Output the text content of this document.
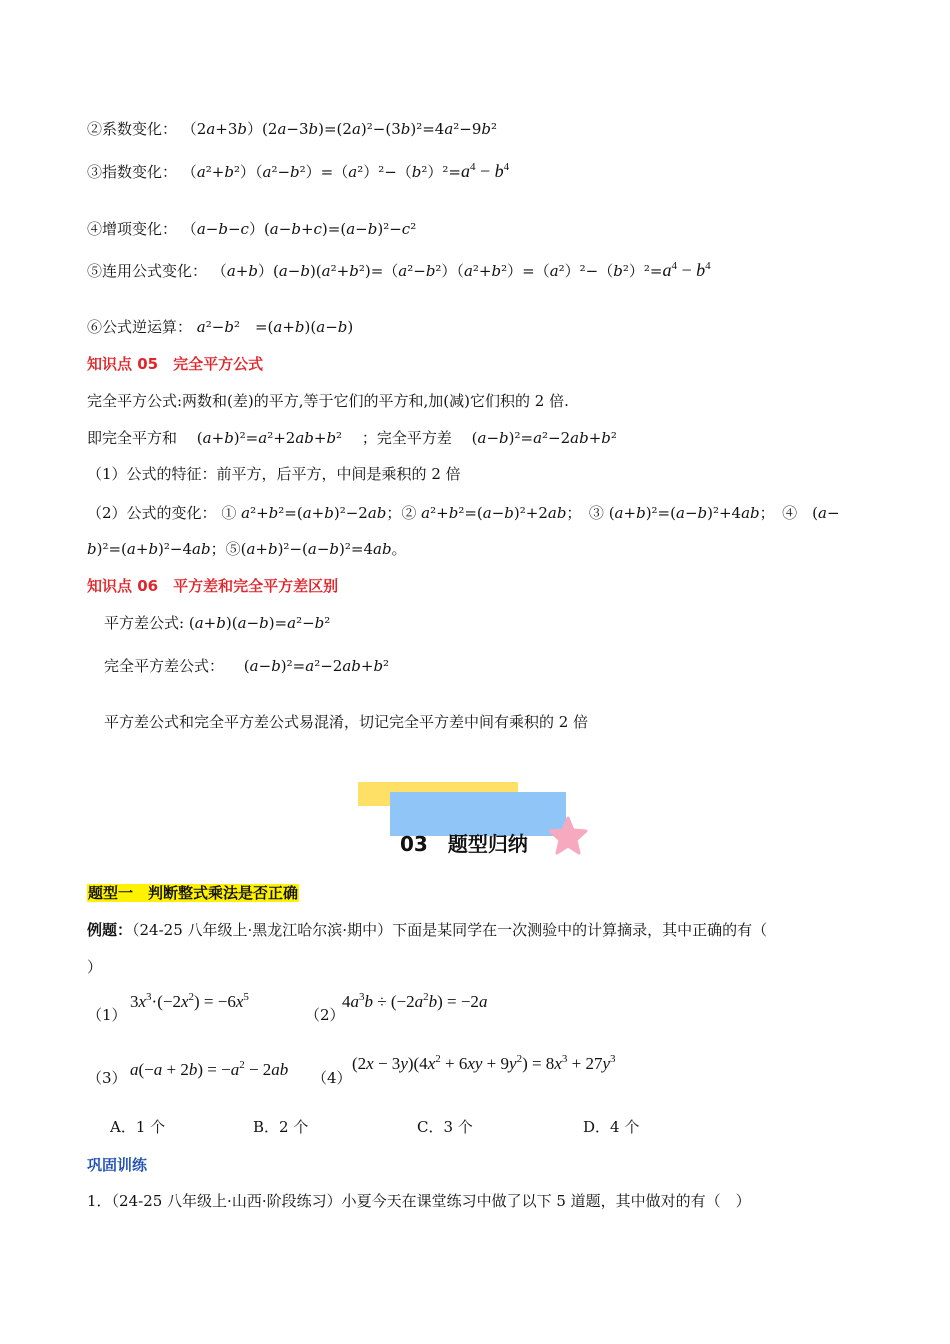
②系数变化： （2a+3b）(2a−3b)=(2a)²−(3b)²=4a²−9b²
③指数变化： $(a^2+b^2)(a^2-b^2)=(a^2)^2-(b^2)^2=a^4 - b^4$
④增项变化： （a−b−c）(a−b+c)=(a−b)²−c²
⑤连用公式变化： $(a+b)(a-b)(a^2+b^2)=(a^2-b^2)(a^2+b^2)=(a^2)^2-(b^2)^2=a^4 - b^4$
⑥公式逆运算： a²−b²　=(a+b)(a−b)
知识点 05　完全平方公式
完全平方公式:两数和(差)的平方,等于它们的平方和,加(减)它们积的 2 倍.
即完全平方和 　(a+b)²=a²+2ab+b²　 ；完全平方差 　(a−b)²=a²−2ab+b²
（1）公式的特征：前平方，后平方，中间是乘积的 2 倍
（2）公式的变化： ① a²+b²=(a+b)²−2ab；② a²+b²=(a−b)²+2ab；　③ (a+b)²=(a−b)²+4ab；　④　(a−
b)²=(a+b)²−4ab；⑤(a+b)²−(a−b)²=4ab。
知识点 06　平方差和完全平方差区别
平方差公式: (a+b)(a−b)=a²−b²
完全平方差公式： 　(a−b)²=a²−2ab+b²
平方差公式和完全平方差公式易混淆，切记完全平方差中间有乘积的 2 倍
03　题型归纳
题型一　判断整式乘法是否正确
例题：（24-25 八年级上·黑龙江哈尔滨·期中）下面是某同学在一次测验中的计算摘录，其中正确的有（
）
（1）
$3x^3\cdot(-2x^2) = -6x^5$
（2）
$4a^3b \div (-2a^2b) = -2a$
（3） $a(-a + 2b) = -a^2 - 2ab$ （4）
$(2x - 3y)(4x^2 + 6xy + 9y^2) = 8x^3 + 27y^3$
A．1 个	B．2 个	C．3 个	D．4 个
巩固训练
1．（24-25 八年级上·山西·阶段练习）小夏今天在课堂练习中做了以下 5 道题，其中做对的有（　）
